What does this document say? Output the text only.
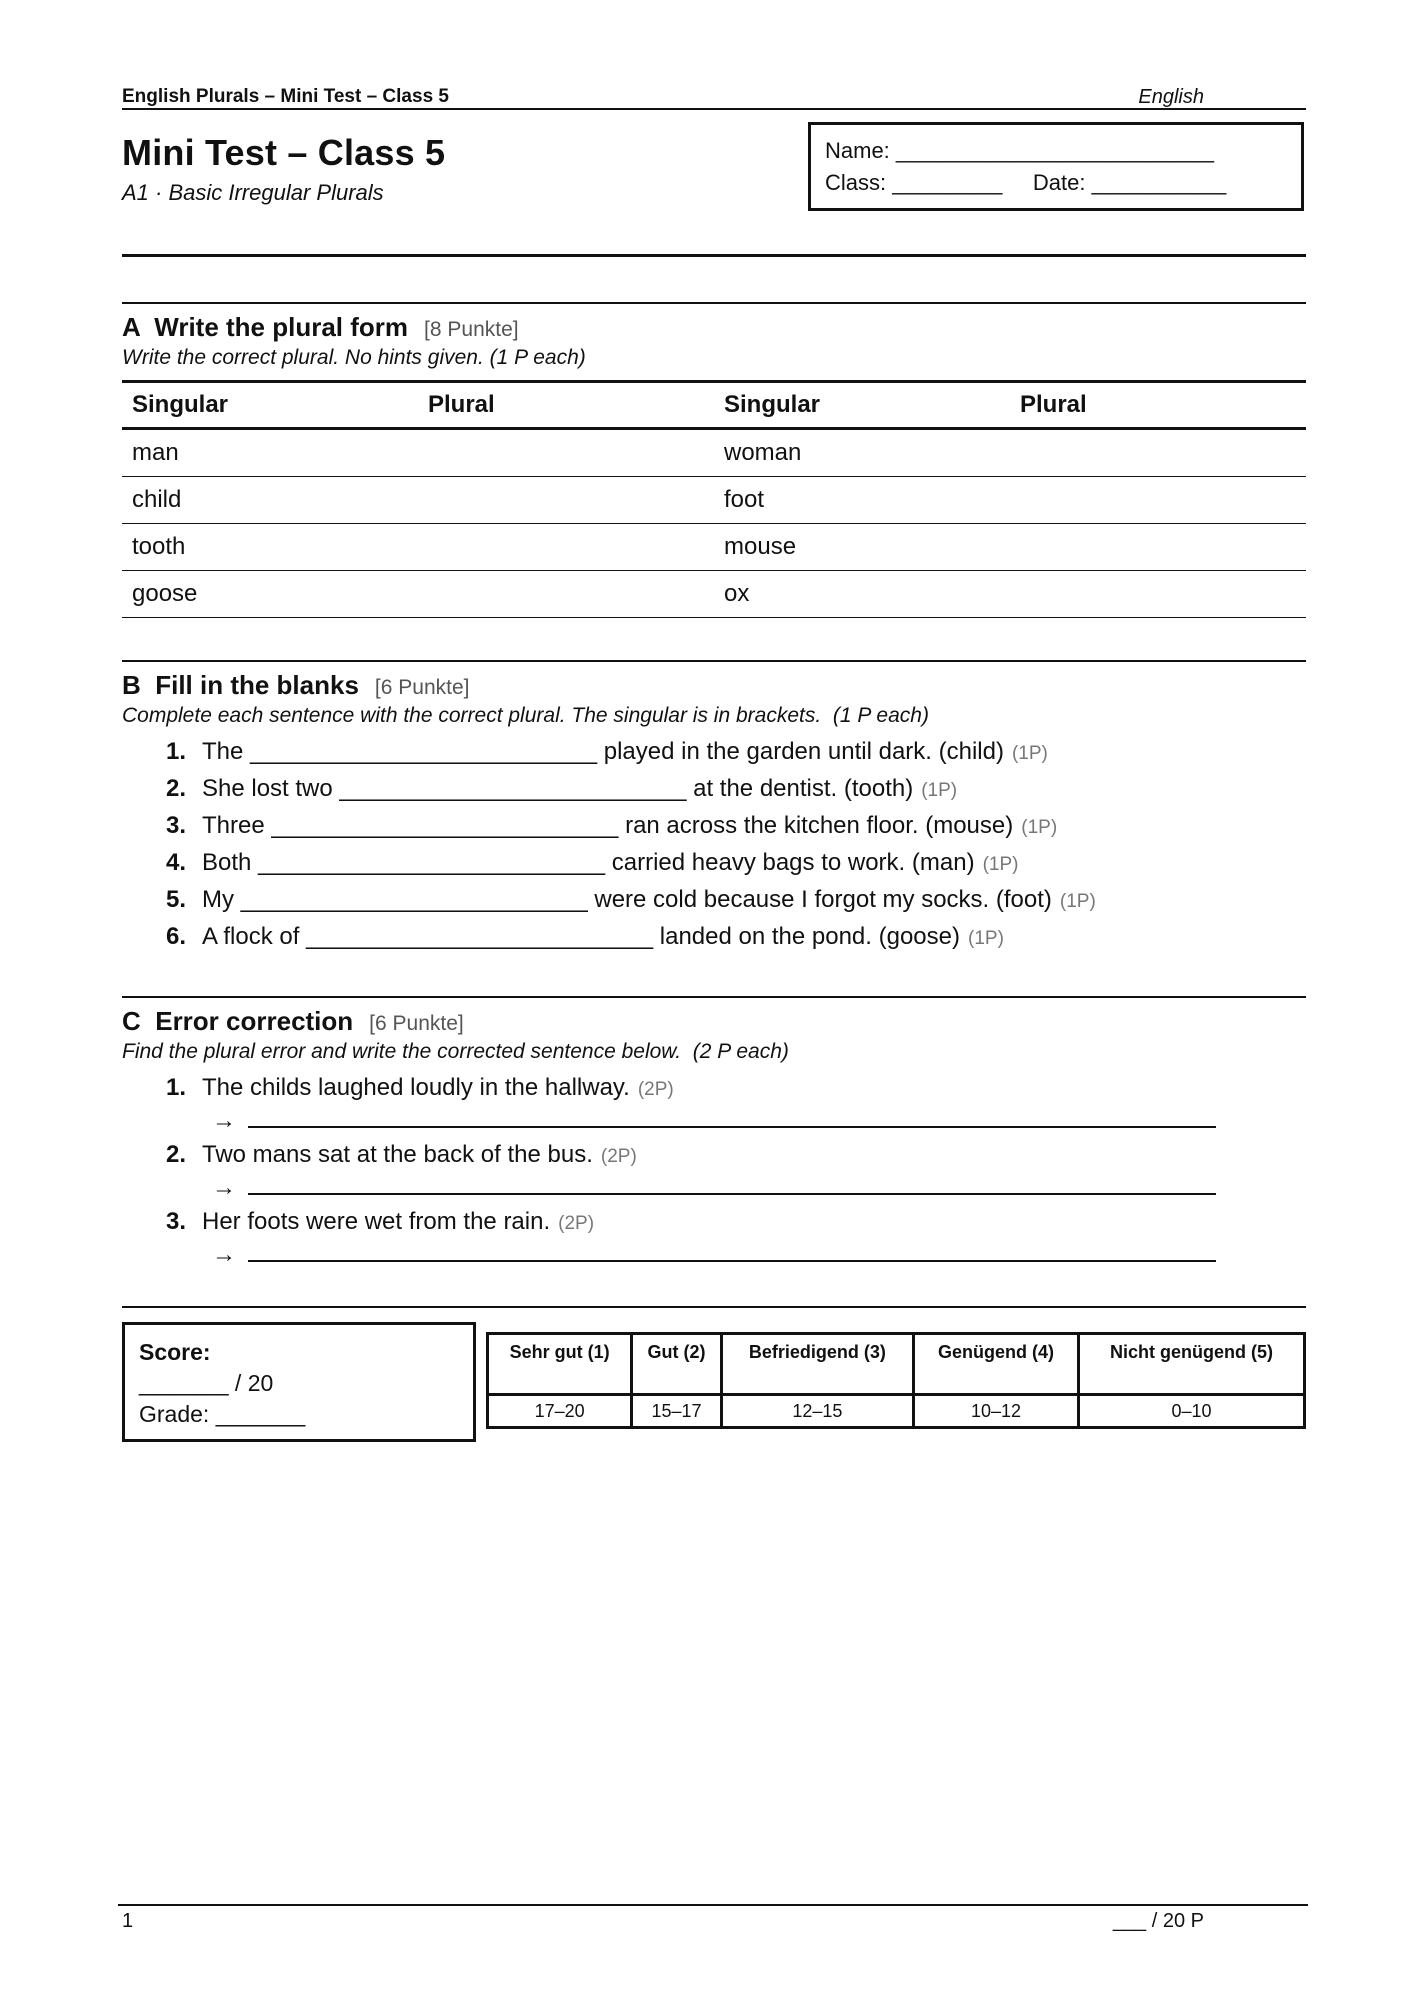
English Plurals – Mini Test – Class 5	English
Mini Test – Class 5
A1 · Basic Irregular Plurals
Name: __________________________
Class: _________     Date: ___________
A  Write the plural form [8 Punkte]
Write the correct plural. No hints given. (1 P each)
Singular	Plural	Singular	Plural
man		woman	
child		foot	
tooth		mouse	
goose		ox	
B  Fill in the blanks [6 Punkte]
Complete each sentence with the correct plural. The singular is in brackets.  (1 P each)
1. The __________________________ played in the garden until dark. (child) (1P)
2. She lost two __________________________ at the dentist. (tooth) (1P)
3. Three __________________________ ran across the kitchen floor. (mouse) (1P)
4. Both __________________________ carried heavy bags to work. (man) (1P)
5. My __________________________ were cold because I forgot my socks. (foot) (1P)
6. A flock of __________________________ landed on the pond. (goose) (1P)
C  Error correction [6 Punkte]
Find the plural error and write the corrected sentence below.  (2 P each)
1. The childs laughed loudly in the hallway. (2P)
→
2. Two mans sat at the back of the bus. (2P)
→
3. Her foots were wet from the rain. (2P)
→
Score:
_______ / 20
Grade: _______
Sehr gut (1)	Gut (2)	Befriedigend (3)	Genügend (4)	Nicht genügend (5)
17–20	15–17	12–15	10–12	0–10
1	___ / 20 P
